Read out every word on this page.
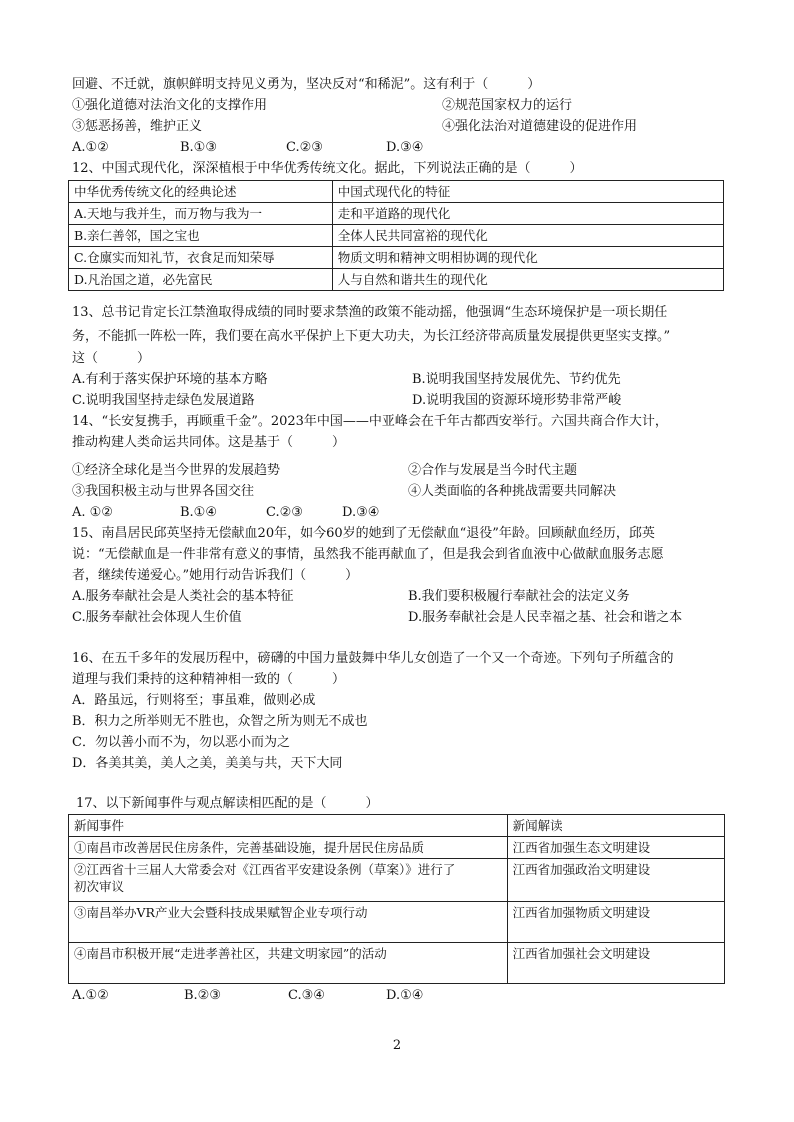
回避、不迁就，旗帜鲜明支持见义勇为，坚决反对“和稀泥”。这有利于（　　　）
①强化道德对法治文化的支撑作用	②规范国家权力的运行
③惩恶扬善，维护正义	④强化法治对道德建设的促进作用
A.①②	B.①③	C.②③	D.③④
12、中国式现代化，深深植根于中华优秀传统文化。据此，下列说法正确的是（　　　）
中华优秀传统文化的经典论述	中国式现代化的特征
A.天地与我并生，而万物与我为一	走和平道路的现代化
B.亲仁善邻，国之宝也	全体人民共同富裕的现代化
C.仓廪实而知礼节，衣食足而知荣辱	物质文明和精神文明相协调的现代化
D.凡治国之道，必先富民	人与自然和谐共生的现代化
13、总书记肯定长江禁渔取得成绩的同时要求禁渔的政策不能动摇，他强调“生态环境保护是一项长期任
务，不能抓一阵松一阵，我们要在高水平保护上下更大功夫，为长江经济带高质量发展提供更坚实支撑。”
这（　　　）
A.有利于落实保护环境的基本方略	B.说明我国坚持发展优先、节约优先
C.说明我国坚持走绿色发展道路	D.说明我国的资源环境形势非常严峻
14、“长安复携手，再顾重千金”。2023年中国——中亚峰会在千年古都西安举行。六国共商合作大计，
推动构建人类命运共同体。这是基于（　　　）
①经济全球化是当今世界的发展趋势	②合作与发展是当今时代主题
③我国积极主动与世界各国交往	④人类面临的各种挑战需要共同解决
A. ①②	B.①④	C.②③	D.③④
15、南昌居民邱英坚持无偿献血20年，如今60岁的她到了无偿献血“退役”年龄。回顾献血经历，邱英
说：“无偿献血是一件非常有意义的事情，虽然我不能再献血了，但是我会到省血液中心做献血服务志愿
者，继续传递爱心。”她用行动告诉我们（　　　）
A.服务奉献社会是人类社会的基本特征	B.我们要积极履行奉献社会的法定义务
C.服务奉献社会体现人生价值	D.服务奉献社会是人民幸福之基、社会和谐之本
16、在五千多年的发展历程中，磅礴的中国力量鼓舞中华儿女创造了一个又一个奇迹。下列句子所蕴含的
道理与我们秉持的这种精神相一致的（　　　）
A．路虽远，行则将至；事虽难，做则必成
B．积力之所举则无不胜也，众智之所为则无不成也
C．勿以善小而不为，勿以恶小而为之
D．各美其美，美人之美，美美与共，天下大同
17、以下新闻事件与观点解读相匹配的是（　　　）
新闻事件	新闻解读
①南昌市改善居民住房条件，完善基础设施，提升居民住房品质	江西省加强生态文明建设

②江西省十三届人大常委会对《江西省平安建设条例（草案）》进行了
初次审议	江西省加强政治文明建设
③南昌举办VR产业大会暨科技成果赋智企业专项行动	江西省加强物质文明建设
④南昌市积极开展“走进孝善社区，共建文明家园”的活动	江西省加强社会文明建设
A.①②	B.②③	C.③④	D.①④
2
